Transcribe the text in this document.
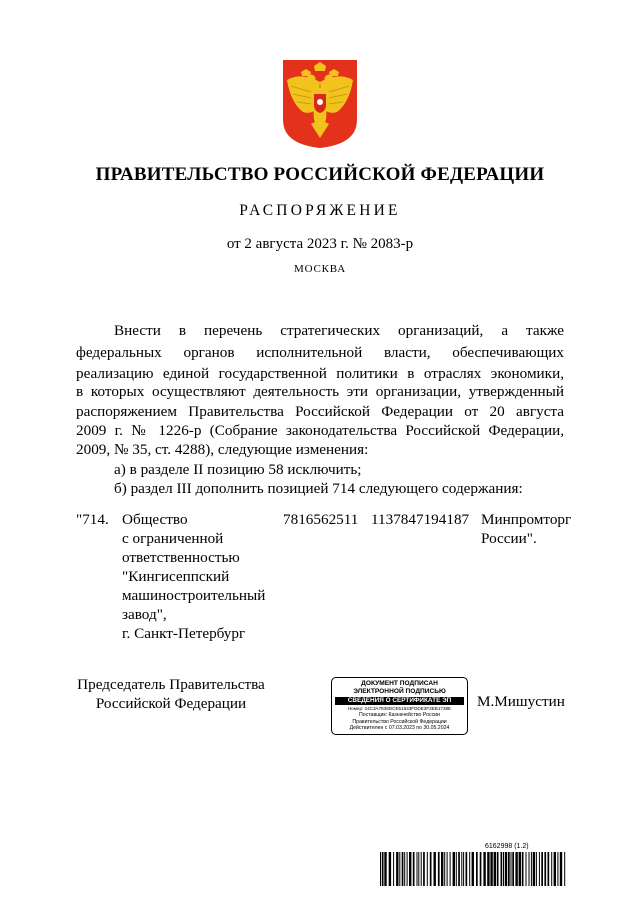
ПРАВИТЕЛЬСТВО РОССИЙСКОЙ ФЕДЕРАЦИИ
РАСПОРЯЖЕНИЕ
от 2 августа 2023 г. № 2083-р
МОСКВА
Внести в перечень стратегических организаций, а также
федеральных органов исполнительной власти, обеспечивающих
реализацию единой государственной политики в отраслях экономики,
в которых осуществляют деятельность эти организации, утвержденный
распоряжением Правительства Российской Федерации от 20 августа
2009 г. № 1226-р (Собрание законодательства Российской Федерации,
2009, № 35, ст. 4288), следующие изменения:
а) в разделе II позицию 58 исключить;
б) раздел III дополнить позицией 714 следующего содержания:
"714. Общество
с ограниченной
ответственностью
"Кингисеппский
машиностроительный
завод",
г. Санкт-Петербург
7816562511 1137847194187 Минпромторг
России".
Председатель Правительства
Российской Федерации
ДОКУМЕНТ ПОДПИСАН
ЭЛЕКТРОННОЙ ПОДПИСЬЮ
СВЕДЕНИЯ О СЕРТИФИКАТЕ ЭП
Номер: 24C3A7838DCE51633FDDE3F3EB1738E
Поставщик: Казначейство России
Правительство Российской Федерации
Действителен с 07.03.2023 по 30.05.2024
М.Мишустин
6162998 (1.2)
